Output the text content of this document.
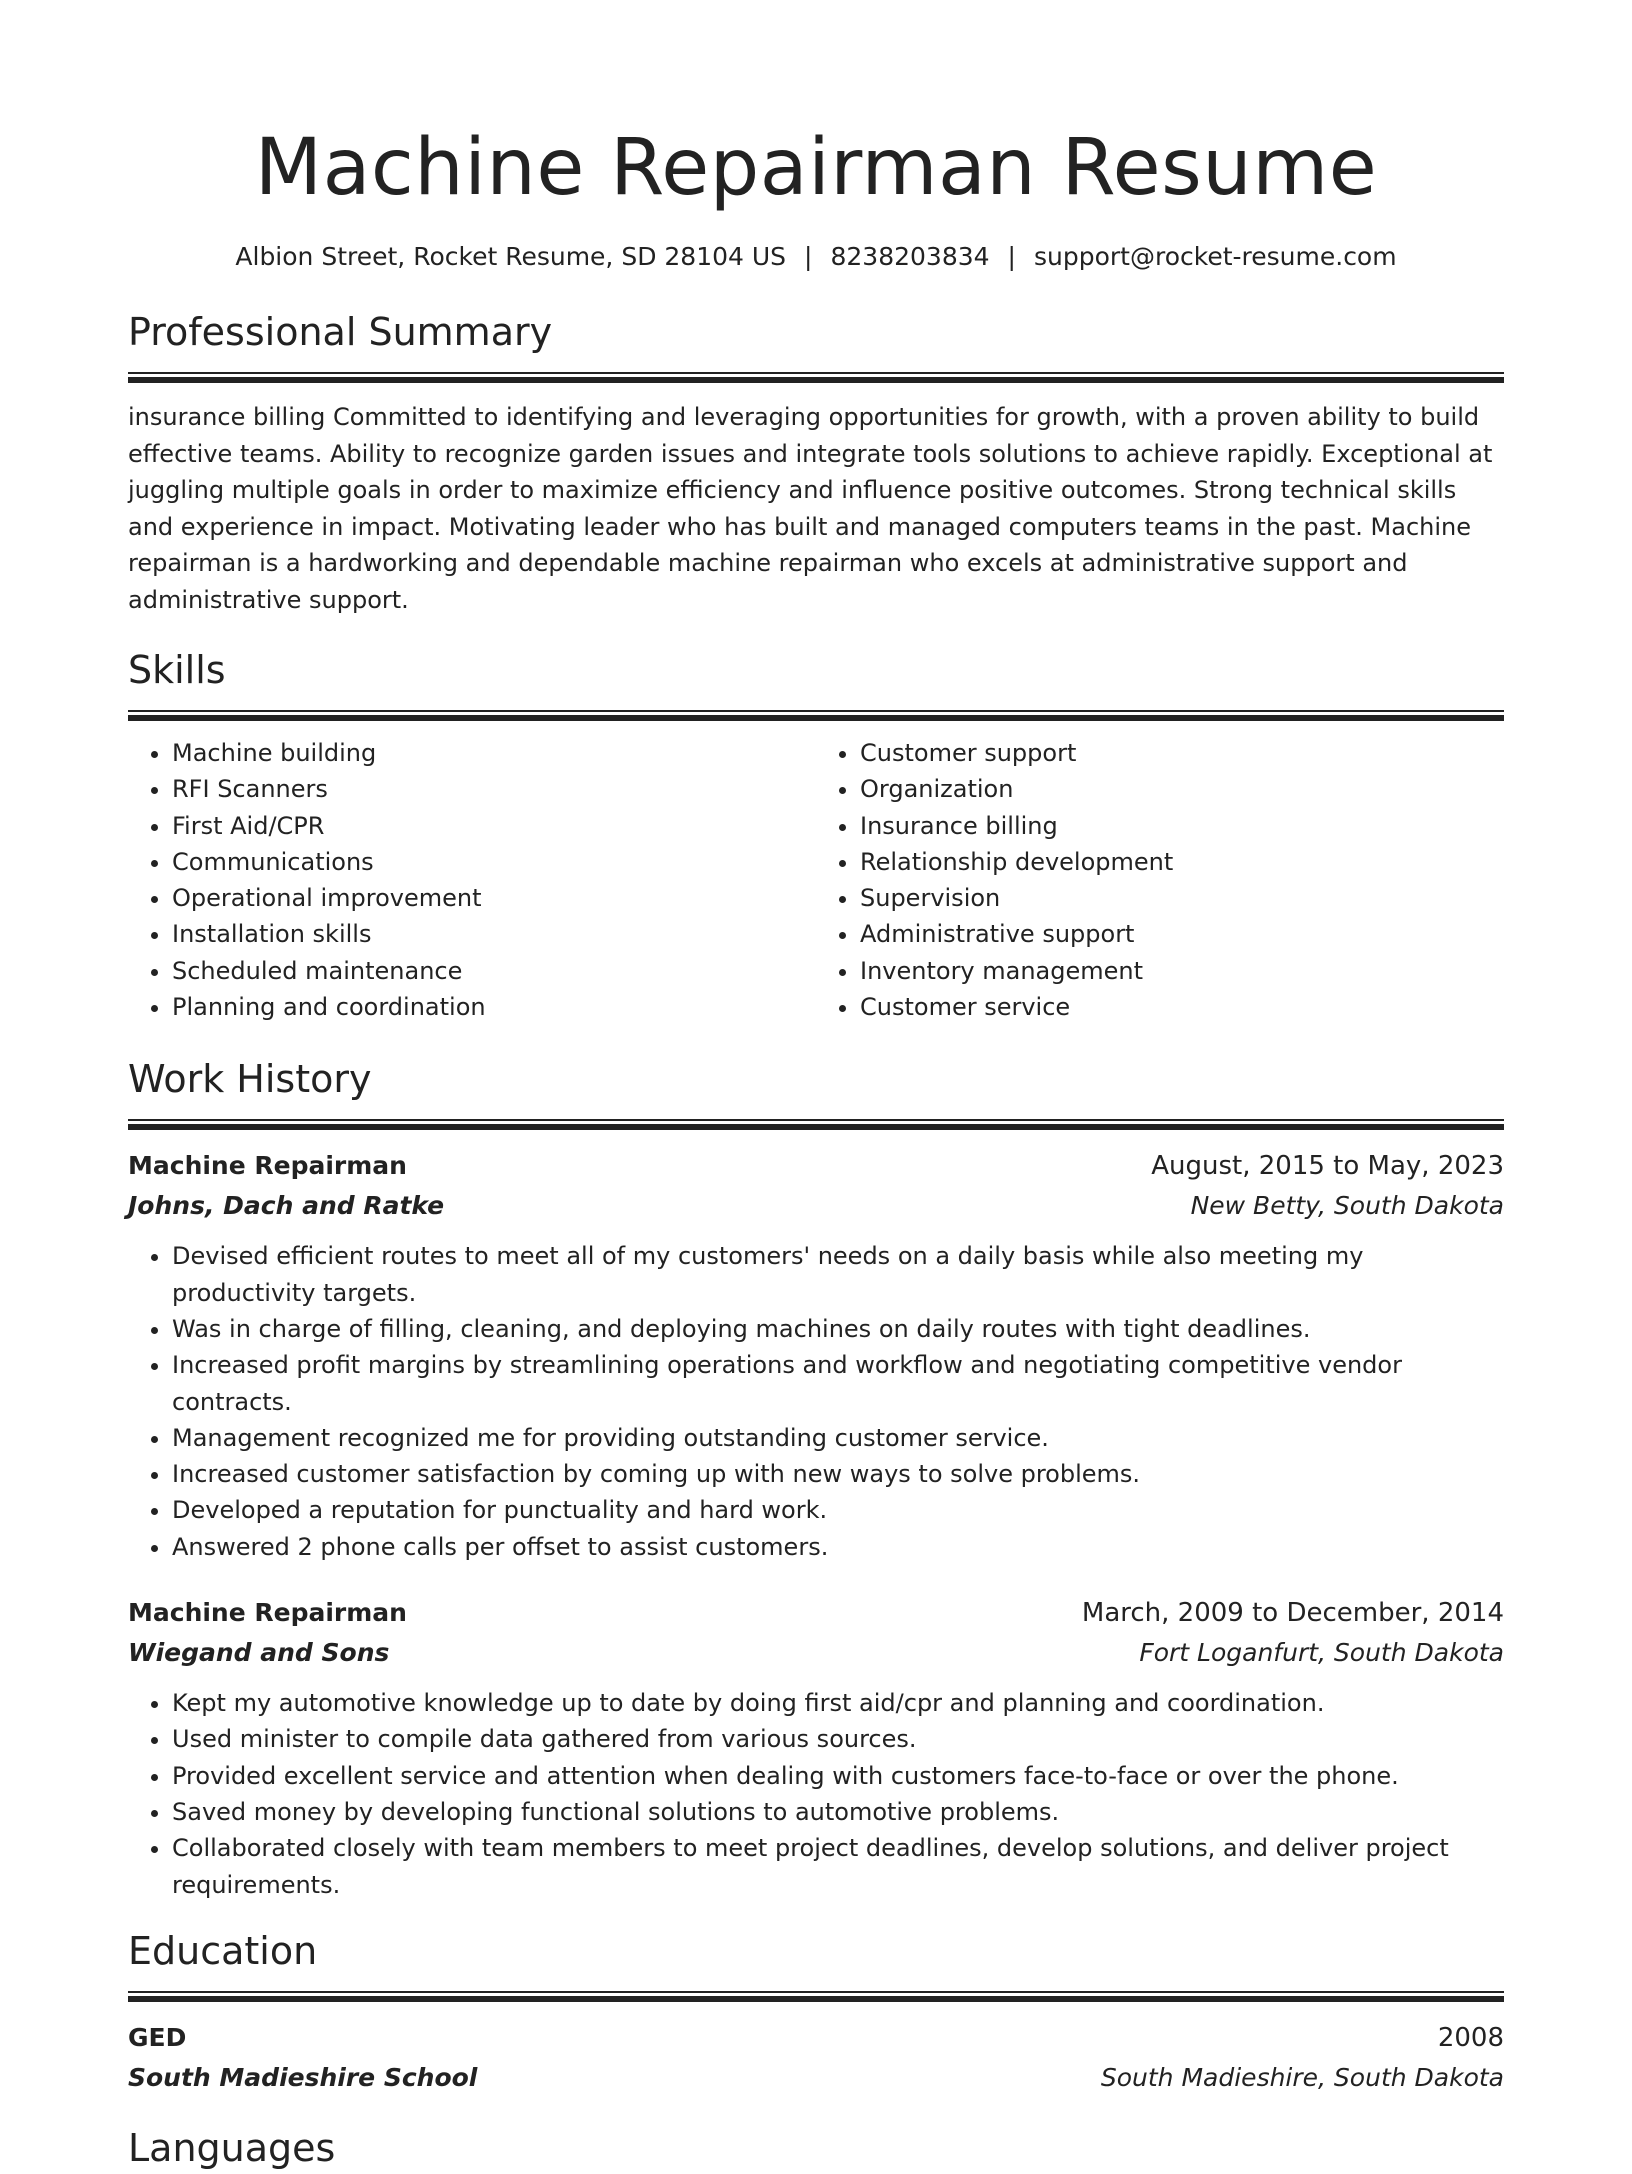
Machine Repairman Resume
Albion Street, Rocket Resume, SD 28104 US | 8238203834 | support@rocket-resume.com
Professional Summary

insurance billing Committed to identifying and leveraging opportunities for growth, with a proven ability to build effective teams. Ability to recognize garden issues and integrate tools solutions to achieve rapidly. Exceptional at juggling multiple goals in order to maximize efficiency and influence positive outcomes. Strong technical skills and experience in impact. Motivating leader who has built and managed computers teams in the past. Machine repairman is a hardworking and dependable machine repairman who excels at administrative support and administrative support.

Skills
• Machine building
• RFI Scanners
• First Aid/CPR
• Communications
• Operational improvement
• Installation skills
• Scheduled maintenance
• Planning and coordination
• Customer support
• Organization
• Insurance billing
• Relationship development
• Supervision
• Administrative support
• Inventory management
• Customer service
Work History
Machine Repairman	August, 2015 to May, 2023
Johns, Dach and Ratke	New Betty, South Dakota
• Devised efficient routes to meet all of my customers' needs on a daily basis while also meeting my productivity targets.
• Was in charge of filling, cleaning, and deploying machines on daily routes with tight deadlines.
• Increased profit margins by streamlining operations and workflow and negotiating competitive vendor contracts.
• Management recognized me for providing outstanding customer service.
• Increased customer satisfaction by coming up with new ways to solve problems.
• Developed a reputation for punctuality and hard work.
• Answered 2 phone calls per offset to assist customers.
Machine Repairman	March, 2009 to December, 2014
Wiegand and Sons	Fort Loganfurt, South Dakota
• Kept my automotive knowledge up to date by doing first aid/cpr and planning and coordination.
• Used minister to compile data gathered from various sources.
• Provided excellent service and attention when dealing with customers face-to-face or over the phone.
• Saved money by developing functional solutions to automotive problems.
• Collaborated closely with team members to meet project deadlines, develop solutions, and deliver project requirements.
Education
GED	2008
South Madieshire School	South Madieshire, South Dakota
Languages
